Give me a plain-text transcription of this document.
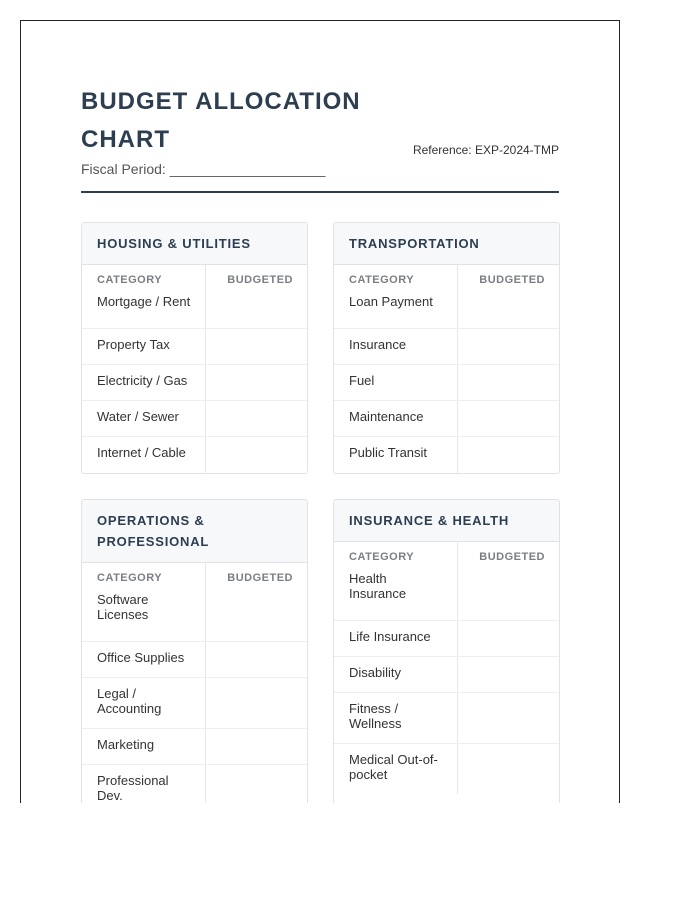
BUDGET ALLOCATION CHART
Fiscal Period: ____________________
Reference: EXP-2024-TMP
HOUSING & UTILITIES
CATEGORY	BUDGETED
Mortgage / Rent
Property Tax
Electricity / Gas
Water / Sewer
Internet / Cable
TRANSPORTATION
CATEGORY	BUDGETED
Loan Payment
Insurance
Fuel
Maintenance
Public Transit
OPERATIONS & PROFESSIONAL
CATEGORY	BUDGETED
Software Licenses
Office Supplies
Legal / Accounting
Marketing
Professional Dev.
INSURANCE & HEALTH
CATEGORY	BUDGETED
Health Insurance
Life Insurance
Disability
Fitness / Wellness
Medical Out-of-pocket
